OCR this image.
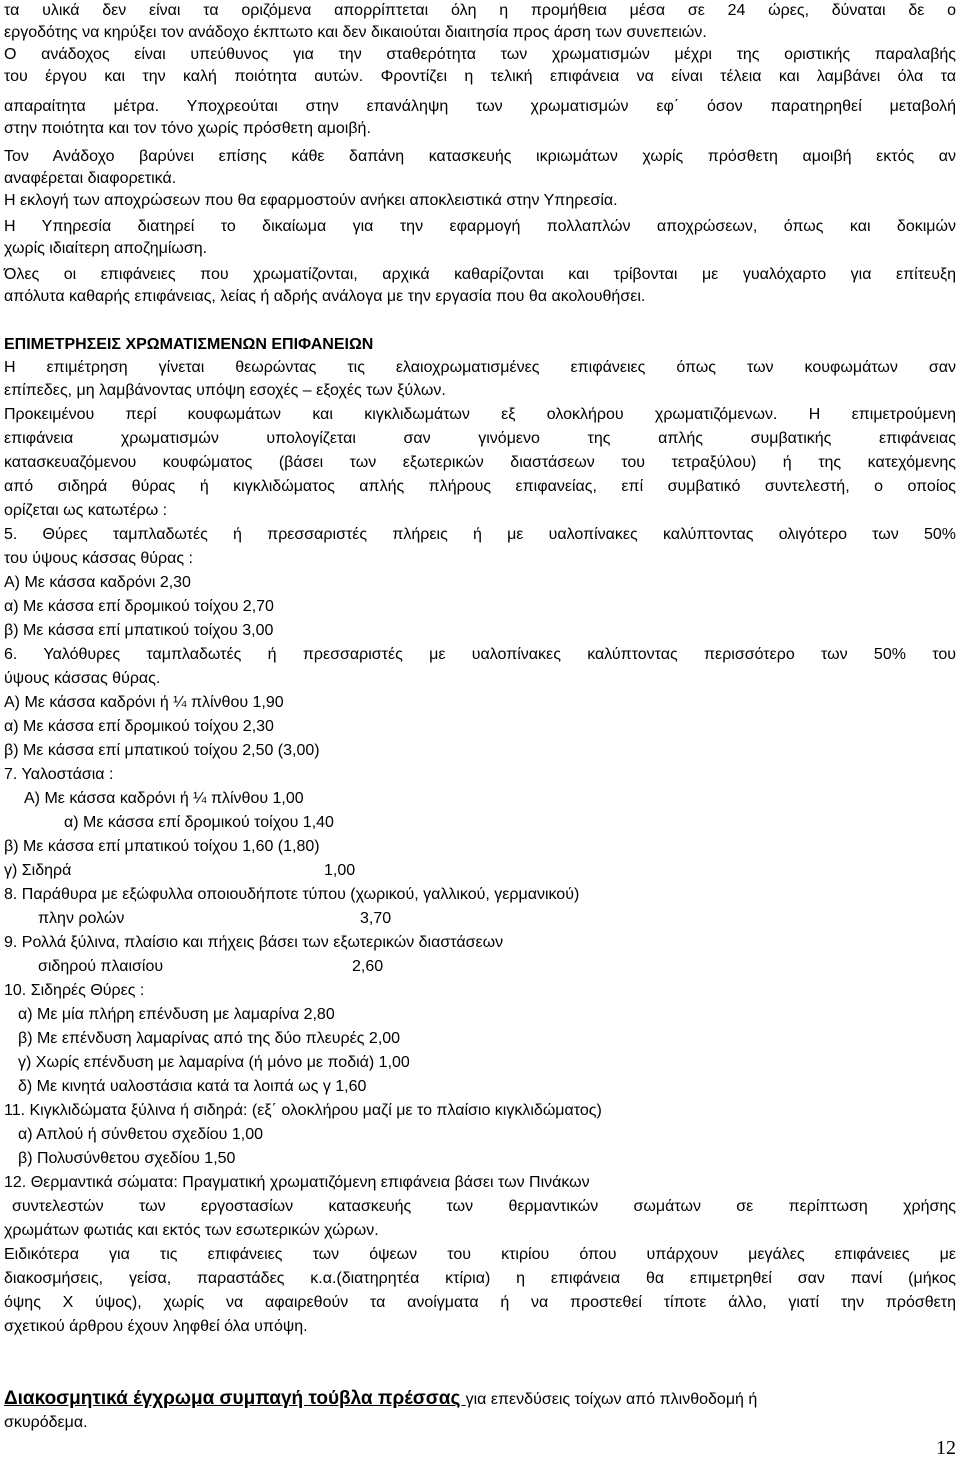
τα υλικά δεν είναι τα οριζόμενα απορρίπτεται όλη η προμήθεια μέσα σε 24 ώρες, δύναται δε ο
εργοδότης να κηρύξει τον ανάδοχο έκπτωτο και δεν δικαιούται διαιτησία προς άρση των συνεπειών.
Ο ανάδοχος είναι υπεύθυνος για την σταθερότητα των χρωματισμών μέχρι της οριστικής παραλαβής
του έργου και την καλή ποιότητα αυτών. Φροντίζει η τελική επιφάνεια να είναι τέλεια και λαμβάνει όλα τα
απαραίτητα μέτρα. Υποχρεούται στην επανάληψη των χρωματισμών εφ΄ όσον παρατηρηθεί μεταβολή
στην ποιότητα και τον τόνο χωρίς πρόσθετη αμοιβή.
Τον Ανάδοχο βαρύνει επίσης κάθε δαπάνη κατασκευής ικριωμάτων χωρίς πρόσθετη αμοιβή εκτός αν
αναφέρεται διαφορετικά.
Η εκλογή των αποχρώσεων που θα εφαρμοστούν ανήκει αποκλειστικά στην Υπηρεσία.
Η Υπηρεσία διατηρεί το δικαίωμα για την εφαρμογή πολλαπλών αποχρώσεων, όπως και δοκιμών
χωρίς ιδιαίτερη αποζημίωση.
Όλες οι επιφάνειες που χρωματίζονται, αρχικά καθαρίζονται και τρίβονται με γυαλόχαρτο για επίτευξη
απόλυτα καθαρής επιφάνειας, λείας ή αδρής ανάλογα με την εργασία που θα ακολουθήσει.
ΕΠΙΜΕΤΡΗΣΕΙΣ ΧΡΩΜΑΤΙΣΜΕΝΩΝ ΕΠΙΦΑΝΕΙΩΝ
Η επιμέτρηση γίνεται θεωρώντας τις ελαιοχρωματισμένες επιφάνειες όπως των κουφωμάτων σαν
επίπεδες, μη λαμβάνοντας υπόψη εσοχές – εξοχές των ξύλων.
Προκειμένου περί κουφωμάτων και κιγκλιδωμάτων εξ ολοκλήρου χρωματιζόμενων. Η επιμετρούμενη
επιφάνεια χρωματισμών υπολογίζεται σαν γινόμενο της απλής συμβατικής επιφάνειας
κατασκευαζόμενου κουφώματος (βάσει των εξωτερικών διαστάσεων του τετραξύλου) ή της κατεχόμενης
από σιδηρά θύρας ή κιγκλιδώματος απλής πλήρους επιφανείας, επί συμβατικό συντελεστή, ο οποίος
ορίζεται ως κατωτέρω :
5. Θύρες ταμπλαδωτές ή πρεσσαριστές πλήρεις ή με υαλοπίνακες καλύπτοντας ολιγότερο των 50%
του ύψους κάσσας θύρας :
Α) Με κάσσα καδρόνι 2,30
α) Με κάσσα επί δρομικού τοίχου 2,70
β) Με κάσσα επί μπατικού τοίχου 3,00
6. Υαλόθυρες ταμπλαδωτές ή πρεσσαριστές με υαλοπίνακες καλύπτοντας περισσότερο των 50% του
ύψους κάσσας θύρας.
Α) Με κάσσα καδρόνι ή ¼ πλίνθου 1,90
α) Με κάσσα επί δρομικού τοίχου 2,30
β) Με κάσσα επί μπατικού τοίχου 2,50 (3,00)
7. Υαλοστάσια :
Α) Με κάσσα καδρόνι ή ¼ πλίνθου 1,00
α) Με κάσσα επί δρομικού τοίχου 1,40
β) Με κάσσα επί μπατικού τοίχου 1,60 (1,80)
γ) Σιδηρά	1,00
8. Παράθυρα με εξώφυλλα οποιουδήποτε τύπου (χωρικού, γαλλικού, γερμανικού)
πλην ρολών	3,70
9. Ρολλά ξύλινα, πλαίσιο και πήχεις βάσει των εξωτερικών διαστάσεων
σιδηρού πλαισίου	2,60
10. Σιδηρές Θύρες :
α) Με μία πλήρη επένδυση με λαμαρίνα 2,80
β) Με επένδυση λαμαρίνας από της δύο πλευρές 2,00
γ) Χωρίς επένδυση με λαμαρίνα (ή μόνο με ποδιά) 1,00
δ) Με κινητά υαλοστάσια κατά τα λοιπά ως γ 1,60
11. Κιγκλιδώματα ξύλινα ή σιδηρά: (εξ΄ ολοκλήρου μαζί με το πλαίσιο κιγκλιδώματος)
α) Απλού ή σύνθετου σχεδίου 1,00
β) Πολυσύνθετου σχεδίου 1,50
12. Θερμαντικά σώματα: Πραγματική χρωματιζόμενη επιφάνεια βάσει των Πινάκων
συντελεστών των εργοστασίων κατασκευής των θερμαντικών σωμάτων σε περίπτωση χρήσης
χρωμάτων φωτιάς και εκτός των εσωτερικών χώρων.
Ειδικότερα για τις επιφάνειες των όψεων του κτιρίου όπου υπάρχουν μεγάλες επιφάνειες με
διακοσμήσεις, γείσα, παραστάδες κ.α.(διατηρητέα κτίρια) η επιφάνεια θα επιμετρηθεί σαν πανί (μήκος
όψης Χ ύψος), χωρίς να αφαιρεθούν τα ανοίγματα ή να προστεθεί τίποτε άλλο, γιατί την πρόσθετη
σχετικού άρθρου έχουν ληφθεί όλα υπόψη.
Διακοσμητικά έγχρωμα συμπαγή τούβλα πρέσσας για επενδύσεις τοίχων από πλινθοδομή ή
σκυρόδεμα.
12
